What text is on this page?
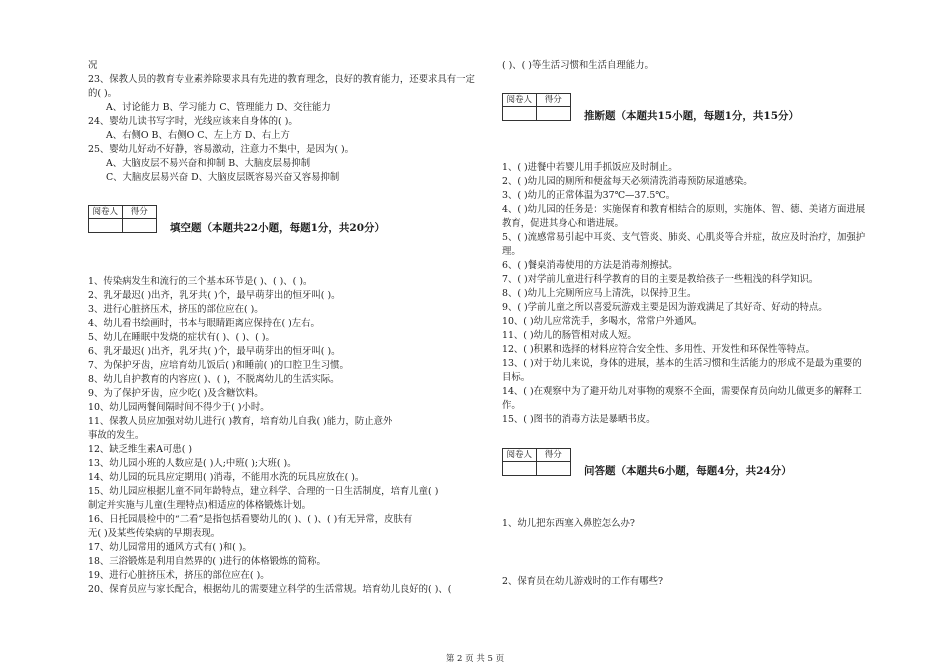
况
23、保教人员的教育专业素养除要求具有先进的教育理念，良好的教育能力，还要求具有一定
的( )。
A、讨论能力 B、学习能力 C、管理能力 D、交往能力
24、婴幼儿读书写字时，光线应该来自身体的( )。
A、右侧O B、右侧O C、左上方 D、右上方
25、婴幼儿好动不好静，容易激动，注意力不集中，是因为( )。
A、大脑皮层不易兴奋和抑制 B、大脑皮层易抑制
C、大脑皮层易兴奋 D、大脑皮层既容易兴奋又容易抑制
阅卷人	得分
填空题（本题共22小题，每题1分，共20分）
1、传染病发生和流行的三个基本环节是( )、( )、( )。
2、乳牙最迟( )出齐，乳牙共( )个，最早萌芽出的恒牙叫( )。
3、进行心脏挤压术，挤压的部位应在( )。
4、幼儿看书绘画时，书本与眼睛距离应保持在( )左右。
5、幼儿在睡眠中发烧的症状有( )、( )、( )。
6、乳牙最迟( )出齐，乳牙共( )个，最早萌芽出的恒牙叫( )。
7、为保护牙齿，应培育幼儿饭后( )和睡前( )的口腔卫生习惯。
8、幼儿自护教育的内容应( )、( )，不脱离幼儿的生活实际。
9、为了保护牙齿，应少吃( )及含糖饮料。
10、幼儿园两餐间隔时间不得少于( )小时。
11、保教人员应加强对幼儿进行( )教育，培育幼儿自我( )能力，防止意外
事故的发生。
12、缺乏维生素A可患( )
13、幼儿园小班的人数应是( )人;中班( );大班( )。
14、幼儿园的玩具应定期用( )消毒，不能用水洗的玩具应放在( )。
15、幼儿园应根据儿童不同年龄特点，建立科学、合理的一日生活制度，培育儿童( )
制定并实施与儿童(生理特点)相适应的体格锻炼计划。
16、日托园晨检中的“二看”是指包括看婴幼儿的( )、( )、( )有无异常，皮肤有
无( )及某些传染病的早期表现。
17、幼儿园常用的通风方式有( )和( )。
18、三浴锻炼是利用自然界的( )进行的体格锻炼的简称。
19、进行心脏挤压术，挤压的部位应在( )。
20、保育员应与家长配合，根据幼儿的需要建立科学的生活常规。培育幼儿良好的( )、(
( )、( )等生活习惯和生活自理能力。
阅卷人	得分
推断题（本题共15小题，每题1分，共15分）
1、( )进餐中若婴儿用手抓饭应及时制止。
2、( )幼儿园的厕所和便盆每天必须清洗消毒预防尿道感染。
3、( )幼儿的正常体温为37℃—37.5℃。
4、( )幼儿园的任务是：实施保育和教育相结合的原则，实施体、智、德、美诸方面进展
教育，促进其身心和谐进展。
5、( )流感常易引起中耳炎、支气管炎、肺炎、心肌炎等合并症，故应及时治疗，加强护
理。
6、( )餐桌消毒使用的方法是消毒剂擦拭。
7、( )对学前儿童进行科学教育的目的主要是教给孩子一些粗浅的科学知识。
8、( )幼儿上完厕所应马上清洗，以保持卫生。
9、( )学前儿童之所以喜爱玩游戏主要是因为游戏满足了其好奇、好动的特点。
10、( )幼儿应常洗手，多喝水，常常户外通风。
11、( )幼儿的肠管相对成人短。
12、( )积累和选择的材料应符合安全性、多用性、开发性和环保性等特点。
13、( )对于幼儿来说，身体的进展，基本的生活习惯和生活能力的形成不是最为重要的
目标。
14、( )在观察中为了避开幼儿对事物的观察不全面，需要保育员向幼儿做更多的解释工
作。
15、( )图书的消毒方法是暴晒书皮。
阅卷人	得分
问答题（本题共6小题，每题4分，共24分）
1、幼儿把东西塞入鼻腔怎么办?
2、保育员在幼儿游戏时的工作有哪些?
第 2 页 共 5 页
